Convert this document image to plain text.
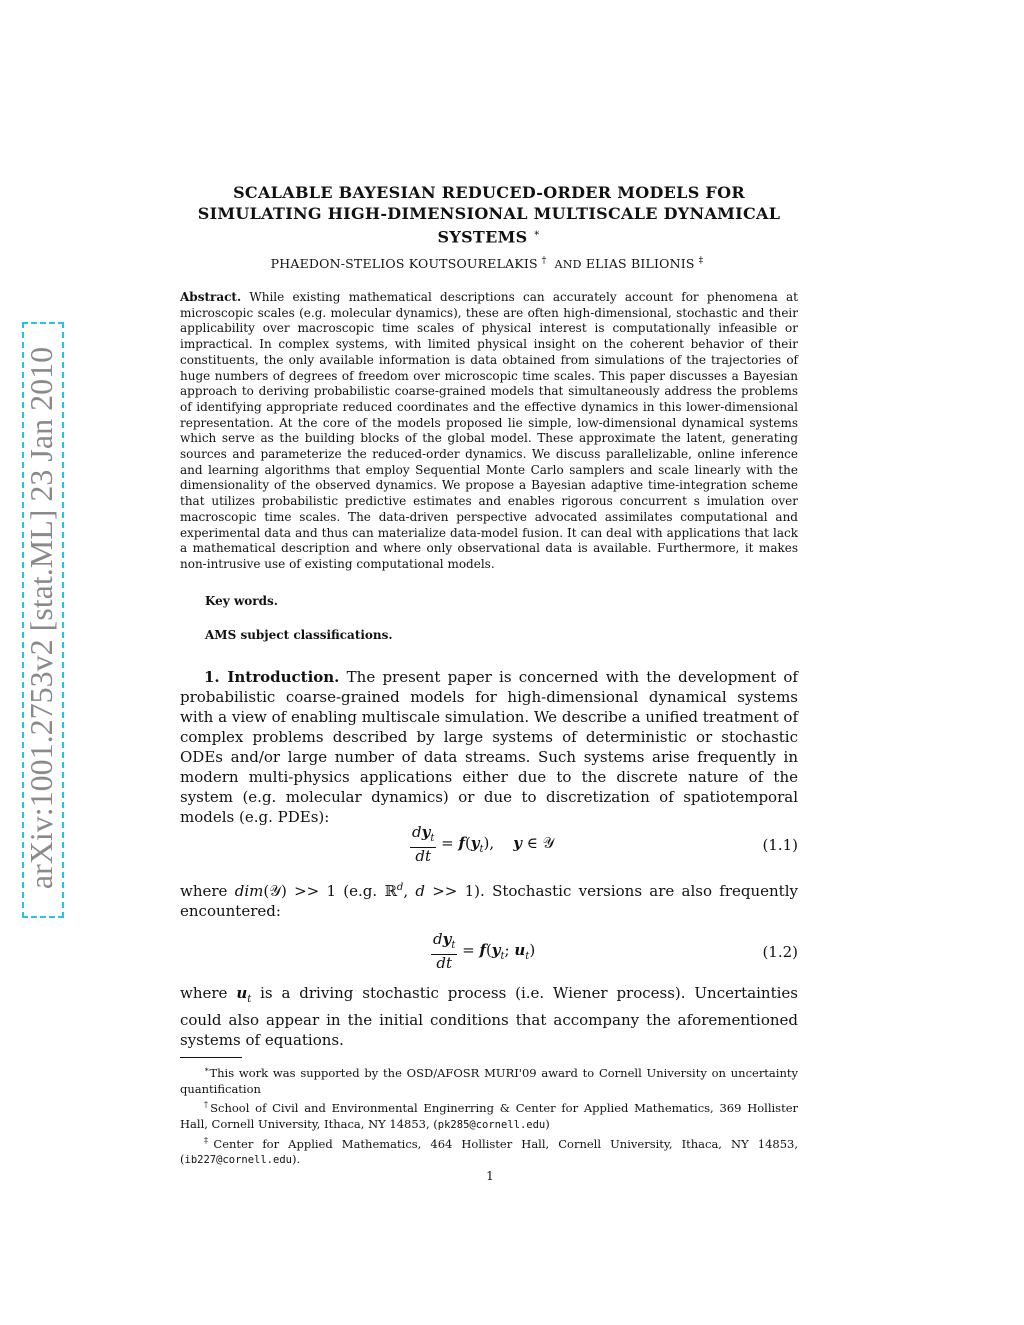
arXiv:1001.2753v2 [stat.ML] 23 Jan 2010
SCALABLE BAYESIAN REDUCED-ORDER MODELS FOR
SIMULATING HIGH-DIMENSIONAL MULTISCALE DYNAMICAL
SYSTEMS ∗
PHAEDON-STELIOS KOUTSOURELAKIS † AND ELIAS BILIONIS ‡
Abstract. While existing mathematical descriptions can accurately account for phenomena at microscopic scales (e.g. molecular dynamics), these are often high-dimensional, stochastic and their applicability over macroscopic time scales of physical interest is computationally infeasible or impractical. In complex systems, with limited physical insight on the coherent behavior of their constituents, the only available information is data obtained from simulations of the trajectories of huge numbers of degrees of freedom over microscopic time scales. This paper discusses a Bayesian approach to deriving probabilistic coarse-grained models that simultaneously address the problems of identifying appropriate reduced coordinates and the effective dynamics in this lower-dimensional representation. At the core of the models proposed lie simple, low-dimensional dynamical systems which serve as the building blocks of the global model. These approximate the latent, generating sources and parameterize the reduced-order dynamics. We discuss parallelizable, online inference and learning algorithms that employ Sequential Monte Carlo samplers and scale linearly with the dimensionality of the observed dynamics. We propose a Bayesian adaptive time-integration scheme that utilizes probabilistic predictive estimates and enables rigorous concurrent s imulation over macroscopic time scales. The data-driven perspective advocated assimilates computational and experimental data and thus can materialize data-model fusion. It can deal with applications that lack a mathematical description and where only observational data is available. Furthermore, it makes non-intrusive use of existing computational models.
Key words.
AMS subject classifications.

1. Introduction. The present paper is concerned with the development of probabilistic coarse-grained models for high-dimensional dynamical systems with a view of enabling multiscale simulation. We describe a unified treatment of complex problems described by large systems of deterministic or stochastic ODEs and/or large number of data streams. Such systems arise frequently in modern multi-physics applications either due to the discrete nature of the system (e.g. molecular dynamics) or due to discretization of spatiotemporal models (e.g. PDEs):

$\frac{dy_t}{dt} = f(y_t)$, y ∈ 𝒴	(1.1)
where dim(𝒴) >> 1 (e.g. ℝ$^d$, d >> 1). Stochastic versions are also frequently encountered:
$\frac{dy_t}{dt} = f(y_t$; $u_t$)	(1.2)
where $u_t$ is a driving stochastic process (i.e. Wiener process). Uncertainties could also appear in the initial conditions that accompany the aforementioned systems of equations.

∗This work was supported by the OSD/AFOSR MURI'09 award to Cornell University on uncertainty quantification

†School of Civil and Environmental Enginerring & Center for Applied Mathematics, 369 Hollister Hall, Cornell University, Ithaca, NY 14853, (pk285@cornell.edu)

‡Center for Applied Mathematics, 464 Hollister Hall, Cornell University, Ithaca, NY 14853, (ib227@cornell.edu).

1
